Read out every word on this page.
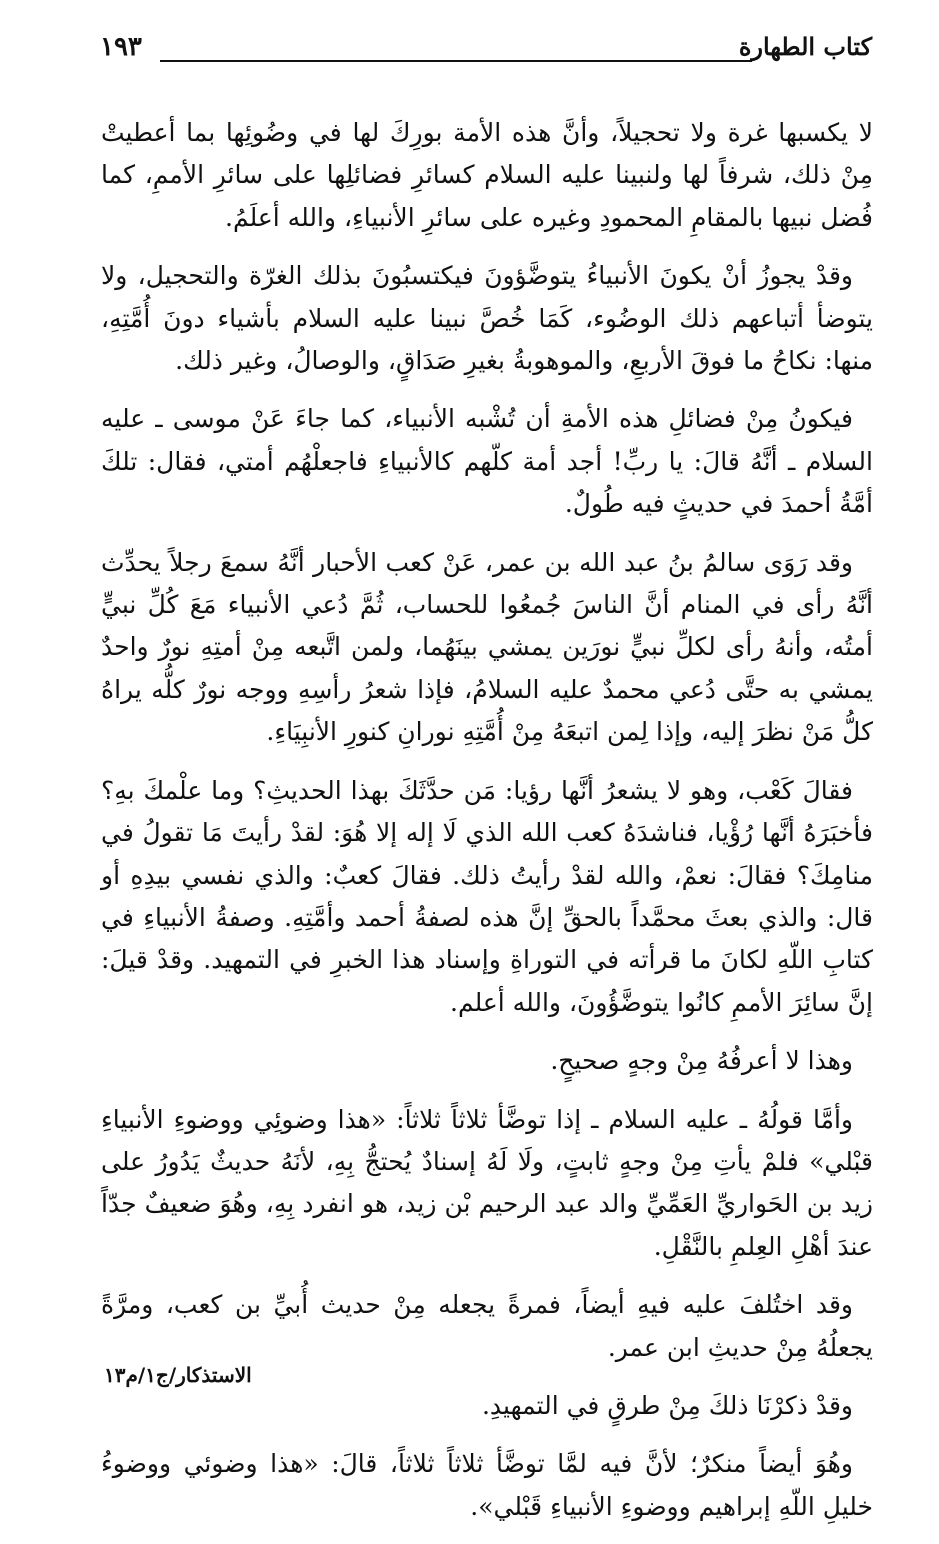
كتاب الطهارة
١٩٣

لا يكسبها غرة ولا تحجيلاً، وأنَّ هذه الأمة بورِكَ لها في وضُوئِها بما أعطيتْ مِنْ ذلك، شرفاً لها ولنبينا عليه السلام كسائرِ فضائلِها على سائرِ الأممِ، كما فُضل نبيها بالمقامِ المحمودِ وغيره على سائرِ الأنبياءِ، والله أعلَمُ.

وقدْ يجوزُ أنْ يكونَ الأنبياءُ يتوضَّؤونَ فيكتسبُونَ بذلك الغرّة والتحجيل، ولا يتوضأ أتباعهم ذلك الوضُوء، كَمَا خُصَّ نبينا عليه السلام بأشياء دونَ أُمَّتِهِ، منها: نكاحُ ما فوقَ الأربعِ، والموهوبةُ بغيرِ صَدَاقٍ، والوصالُ، وغير ذلك.

فيكونُ مِنْ فضائلِ هذه الأمةِ أن تُشْبه الأنبياء، كما جاءَ عَنْ موسى ـ عليه السلام ـ أنَّهُ قالَ: يا ربِّ! أجد أمة كلّهم كالأنبياءِ فاجعلْهُم أمتي، فقال: تلكَ أمَّةُ أحمدَ في حديثٍ فيه طُولٌ.

وقد رَوَى سالمُ بنُ عبد الله بن عمر، عَنْ كعب الأحبار أنَّهُ سمعَ رجلاً يحدِّث أنَّهُ رأى في المنام أنَّ الناسَ جُمعُوا للحساب، ثُمَّ دُعي الأنبياء مَعَ كُلِّ نبيٍّ أمتُه، وأنهُ رأى لكلِّ نبيٍّ نورَين يمشي بينَهُما، ولمن اتَّبعه مِنْ أمتِهِ نورٌ واحدٌ يمشي به حتَّى دُعي محمدٌ عليه السلامُ، فإذا شعرُ رأسِهِ ووجه نورٌ كلُّه يراهُ كلُّ مَنْ نظرَ إليه، وإذا لِمن اتبعَهُ مِنْ أُمَّتِهِ نورانِ كنورِ الأنبِيَاءِ.

فقالَ كَعْب، وهو لا يشعرُ أنَّها رؤيا: مَن حدَّثَكَ بهذا الحديثِ؟ وما علْمكَ بهِ؟ فأخبَرَهُ أنَّها رُؤْيا، فناشدَهُ كعب الله الذي لَا إله إلا هُوَ: لقدْ رأيتَ مَا تقولُ في منامِكَ؟ فقالَ: نعمْ، والله لقدْ رأيتُ ذلك. فقالَ كعبٌ: والذي نفسي بيدِهِ أو قال: والذي بعثَ محمَّداً بالحقِّ إنَّ هذه لصفةُ أحمد وأمَّتِهِ. وصفةُ الأنبياءِ في كتابِ اللّهِ لكانَ ما قرأته في التوراةِ وإسناد هذا الخبرِ في التمهيد. وقدْ قيلَ: إنَّ سائِرَ الأممِ كانُوا يتوضَّؤُونَ، والله أعلم.

وهذا لا أعرفُهُ مِنْ وجهٍ صحيحٍ.

وأمَّا قولُهُ ـ عليه السلام ـ إذا توضَّأ ثلاثاً ثلاثاً: «هذا وضوئِي ووضوءِ الأنبياءِ قبْلي» فلمْ يأتِ مِنْ وجهٍ ثابتٍ، ولَا لَهُ إسنادٌ يُحتجُّ بِهِ، لأنَهُ حديثٌ يَدُورُ على زيد بن الحَواريِّ العَمِّيِّ والد عبد الرحيم بْن زيد، هو انفرد بِهِ، وهُوَ ضعيفٌ جدّاً عندَ أهْلِ العِلمِ بالنَّقْلِ.

وقد اختُلفَ عليه فيهِ أيضاً، فمرةً يجعله مِنْ حديث أُبيِّ بن كعب، ومرَّةً يجعلُهُ مِنْ حديثِ ابن عمر.

وقدْ ذكرْنَا ذلكَ مِنْ طرقٍ في التمهيدِ.

وهُوَ أيضاً منكرٌ؛ لأنَّ فيه لمَّا توضَّأ ثلاثاً ثلاثاً، قالَ: «هذا وضوئي ووضوءُ خليلِ اللّهِ إبراهيم ووضوءِ الأنبياءِ قَبْلي».

الاستذكار/ج١/م١٣
